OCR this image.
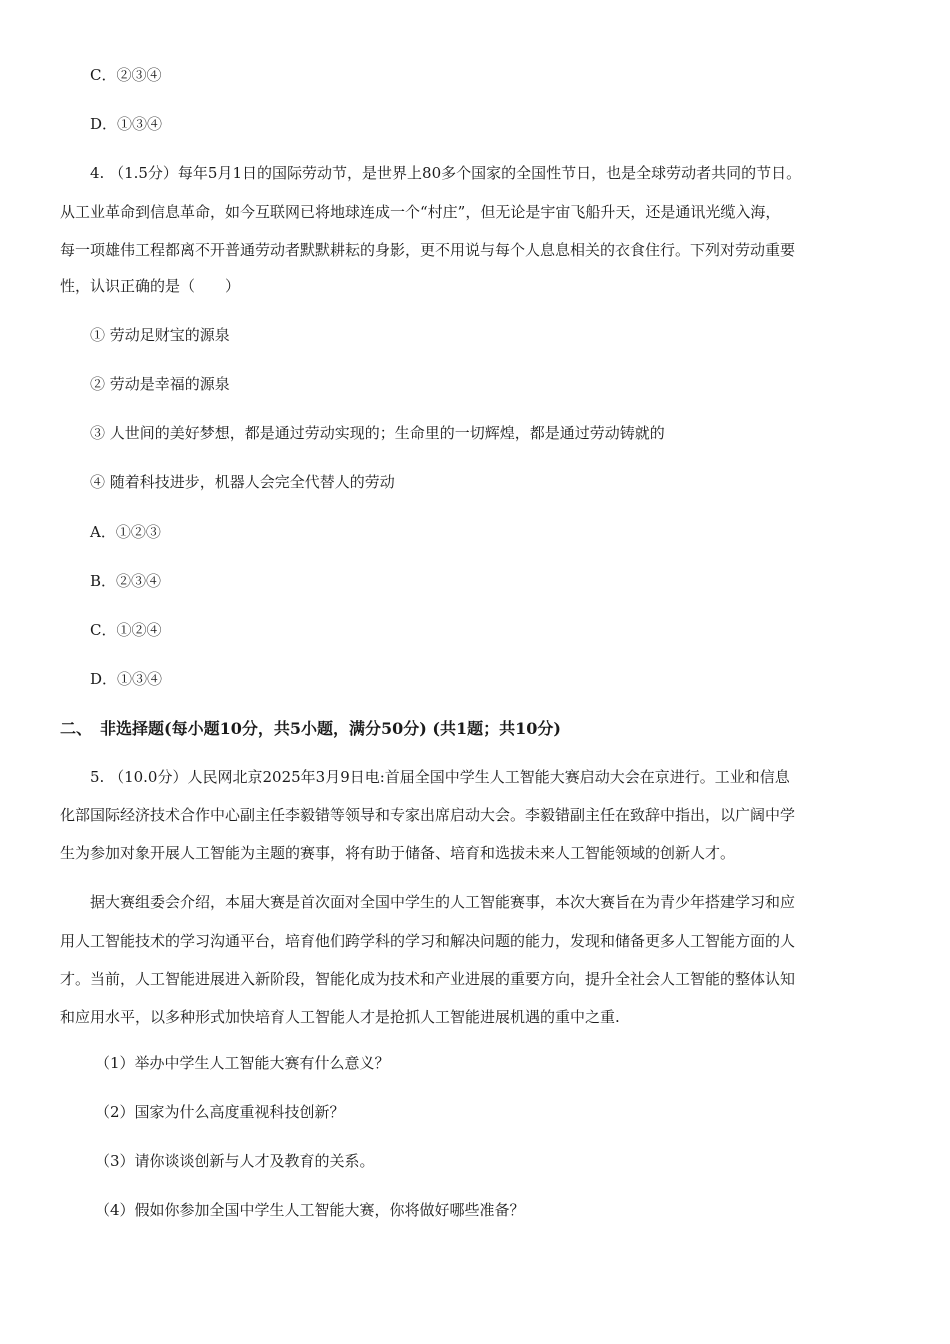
C．②③④
D．①③④
4. （1.5分）每年5月1日的国际劳动节，是世界上80多个国家的全国性节日，也是全球劳动者共同的节日。
从工业革命到信息革命，如今互联网已将地球连成一个“村庄”，但无论是宇宙飞船升天，还是通讯光缆入海，
每一项雄伟工程都离不开普通劳动者默默耕耘的身影，更不用说与每个人息息相关的衣食住行。下列对劳动重要
性，认识正确的是（　　）
① 劳动足财宝的源泉
② 劳动是幸福的源泉
③ 人世间的美好梦想，都是通过劳动实现的；生命里的一切辉煌，都是通过劳动铸就的
④ 随着科技进步，机器人会完全代替人的劳动
A．①②③
B．②③④
C．①②④
D．①③④
二、　非选择题(每小题10分，共5小题，满分50分) (共1题；共10分)
5. （10.0分）人民网北京2025年3月9日电:首届全国中学生人工智能大赛启动大会在京进行。工业和信息
化部国际经济技术合作中心副主任李毅错等领导和专家出席启动大会。李毅错副主任在致辞中指出，以广阔中学
生为参加对象开展人工智能为主题的赛事，将有助于储备、培育和选拔未来人工智能领域的创新人才。
据大赛组委会介绍，本届大赛是首次面对全国中学生的人工智能赛事，本次大赛旨在为青少年搭建学习和应
用人工智能技术的学习沟通平台，培育他们跨学科的学习和解决问题的能力，发现和储备更多人工智能方面的人
才。当前，人工智能进展进入新阶段，智能化成为技术和产业进展的重要方向，提升全社会人工智能的整体认知
和应用水平，以多种形式加快培育人工智能人才是抢抓人工智能进展机遇的重中之重.
（1）举办中学生人工智能大赛有什么意义？
（2）国家为什么高度重视科技创新？
（3）请你谈谈创新与人才及教育的关系。
（4）假如你参加全国中学生人工智能大赛，你将做好哪些准备？
